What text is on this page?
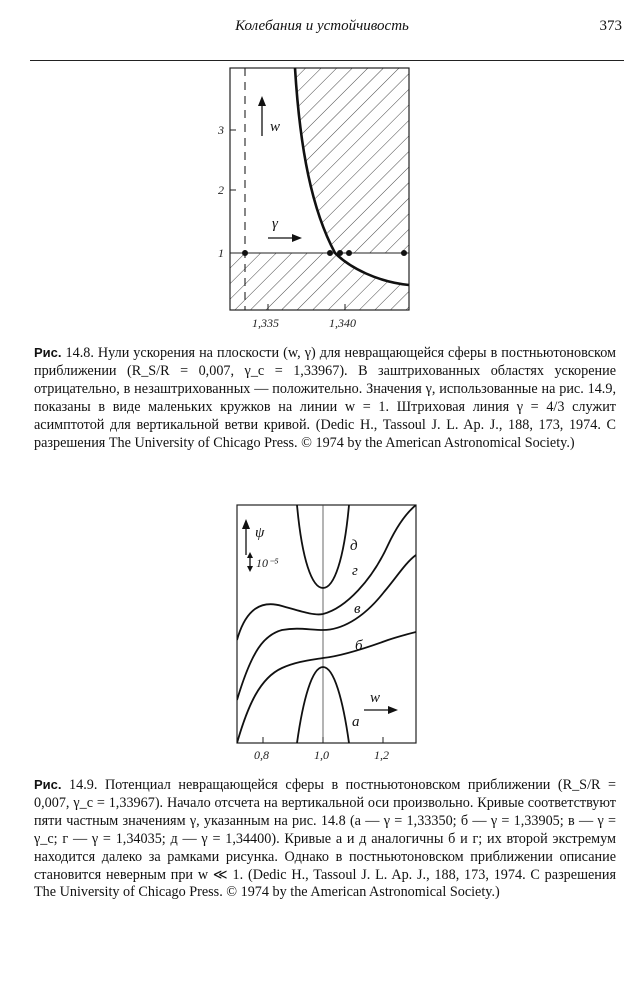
Колебания и устойчивость	373
3
2
1
1,335	1,340
w
γ
ψ
10⁻⁵
д
г
в
б
а
w
0,8	1,0	1,2

Рис. 14.8. Нули ускорения на плоскости (w, γ) для невращающейся сферы в постньютоновском приближении (R_S/R = 0,007, γ_c = 1,33967). В заштрихованных областях ускорение отрицательно, в незаштрихованных — положительно. Значения γ, использованные на рис. 14.9, показаны в виде маленьких кружков на линии w = 1. Штриховая линия γ = 4/3 служит асимптотой для вертикальной ветви кривой. (Dedic H., Tassoul J. L. Ap. J., 188, 173, 1974. С разрешения The University of Chicago Press. © 1974 by the American Astronomical Society.)

Рис. 14.9. Потенциал невращающейся сферы в постньютоновском приближении (R_S/R = 0,007, γ_c = 1,33967). Начало отсчета на вертикальной оси произвольно. Кривые соответствуют пяти частным значениям γ, указанным на рис. 14.8 (а — γ = 1,33350; б — γ = 1,33905; в — γ = γ_c; г — γ = 1,34035; д — γ = 1,34400). Кривые а и д аналогичны б и г; их второй экстремум находится далеко за рамками рисунка. Однако в постньютоновском приближении описание становится неверным при w ≪ 1. (Dedic H., Tassoul J. L. Ap. J., 188, 173, 1974. С разрешения The University of Chicago Press. © 1974 by the American Astronomical Society.)
